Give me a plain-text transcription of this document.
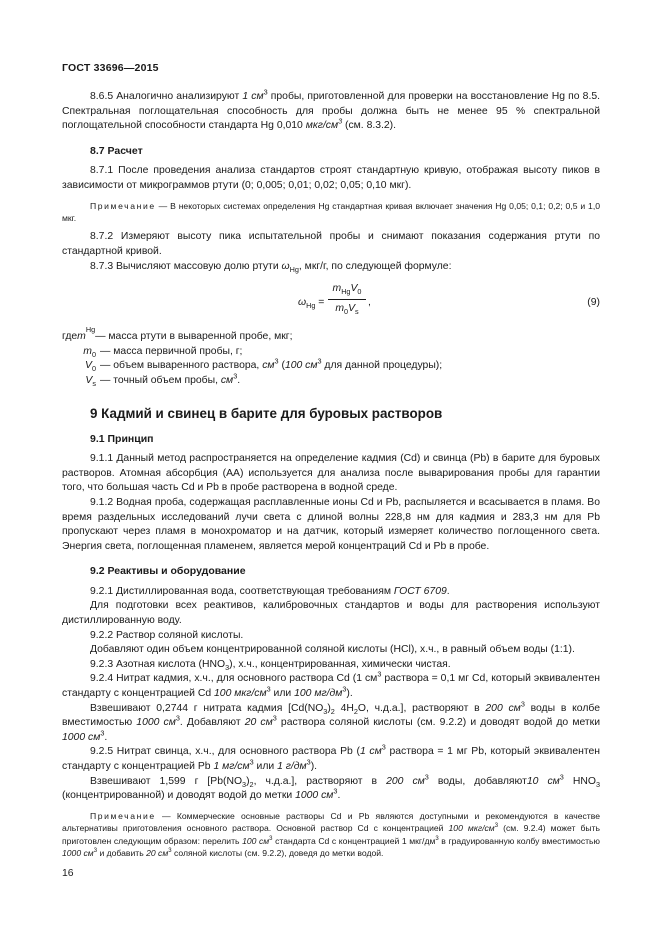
ГОСТ 33696—2015

8.6.5 Аналогично анализируют 1 $см^3$ пробы, приготовленной для проверки на восстановление Hg по 8.5. Спектральная поглощательная способность для пробы должна быть не менее 95 % спектральной поглощательной способности стандарта Hg 0,010 мкг/$см^3$ (см. 8.3.2).

8.7 Расчет

8.7.1 После проведения анализа стандартов строят стандартную кривую, отображая высоту пиков в зависимости от микрограммов ртути (0; 0,005; 0,01; 0,02; 0,05; 0,10 мкг).

Примечание — В некоторых системах определения Hg стандартная кривая включает значения Hg 0,05; 0,1; 0,2; 0,5 и 1,0 мкг.

8.7.2 Измеряют высоту пика испытательной пробы и снимают показания содержания ртути по стандартной кривой.

8.7.3 Вычисляют массовую долю ртути $\omega_{Hg}$, мкг/г, по следующей формуле:

$\omega_{Hg}$ =
$m_{Hg}V_0$
$m_0V_s$
,	(9)
где m
Hg
— масса ртути в вываренной пробе, мкг;
$m_0$ — масса первичной пробы, г;
$V_0$ — объем вываренного раствора, $см^3$ (100 $см^3$ для данной процедуры);
$V_s$ — точный объем пробы, $см^3$.
9 Кадмий и свинец в барите для буровых растворов
9.1 Принцип

9.1.1 Данный метод распространяется на определение кадмия (Cd) и свинца (Pb) в барите для буровых растворов. Атомная абсорбция (АА) используется для анализа после выварирования пробы для гарантии того, что большая часть Cd и Pb в пробе растворена в водной среде.

9.1.2 Водная проба, содержащая расплавленные ионы Cd и Pb, распыляется и всасывается в пламя. Во время раздельных исследований лучи света с длиной волны 228,8 нм для кадмия и 283,3 нм для Pb пропускают через пламя в монохроматор и на датчик, который измеряет количество поглощенного света. Энергия света, поглощенная пламенем, является мерой концентраций Cd и Pb в пробе.

9.2 Реактивы и оборудование

9.2.1 Дистиллированная вода, соответствующая требованиям ГОСТ 6709.

Для подготовки всех реактивов, калибровочных стандартов и воды для растворения используют дистиллированную воду.

9.2.2 Раствор соляной кислоты.

Добавляют один объем концентрированной соляной кислоты (HCl), х.ч., в равный объем воды (1:1).

9.2.3 Азотная кислота $(HNO_3)$, х.ч., концентрированная, химически чистая.

9.2.4 Нитрат кадмия, х.ч., для основного раствора Cd (1 $см^3$ раствора = 0,1 мг Cd, который эквивалентен стандарту с концентрацией Cd 100 мкг/$см^3$ или 100 $мг/дм^3$).

Взвешивают 0,2744 г нитрата кадмия [$Cd(NO_3)_2$ $4H_2O$, ч.д.а.], растворяют в 200 $см^3$ воды в колбе вместимостью 1000 $см^3$. Добавляют 20 $см^3$ раствора соляной кислоты (см. 9.2.2) и доводят водой до метки 1000 $см^3$.

9.2.5 Нитрат свинца, х.ч., для основного раствора Pb (1 $см^3$ раствора = 1 мг Pb, который эквивалентен стандарту с концентрацией Pb 1 $мг/см^3$ или 1 $г/дм^3$).

Взвешивают 1,599 г [$Pb(NO_3)_2$, ч.д.а.], растворяют в 200 $см^3$ воды, добавляют10 $см^3$ $HNO_3$ (концентрированной) и доводят водой до метки 1000 $см^3$.

Примечание — Коммерческие основные растворы Cd и Pb являются доступными и рекомендуются в качестве альтернативы приготовления основного раствора. Основной раствор Cd с концентрацией 100 мкг/$см^3$ (см. 9.2.4) может быть приготовлен следующим образом: перелить 100 $см^3$ стандарта Cd с концентрацией 1 мкг/$дм^3$ в градуированную колбу вместимостью 1000 $см^3$ и добавить 20 $см^3$ соляной кислоты (см. 9.2.2), доведя до метки водой.

16
